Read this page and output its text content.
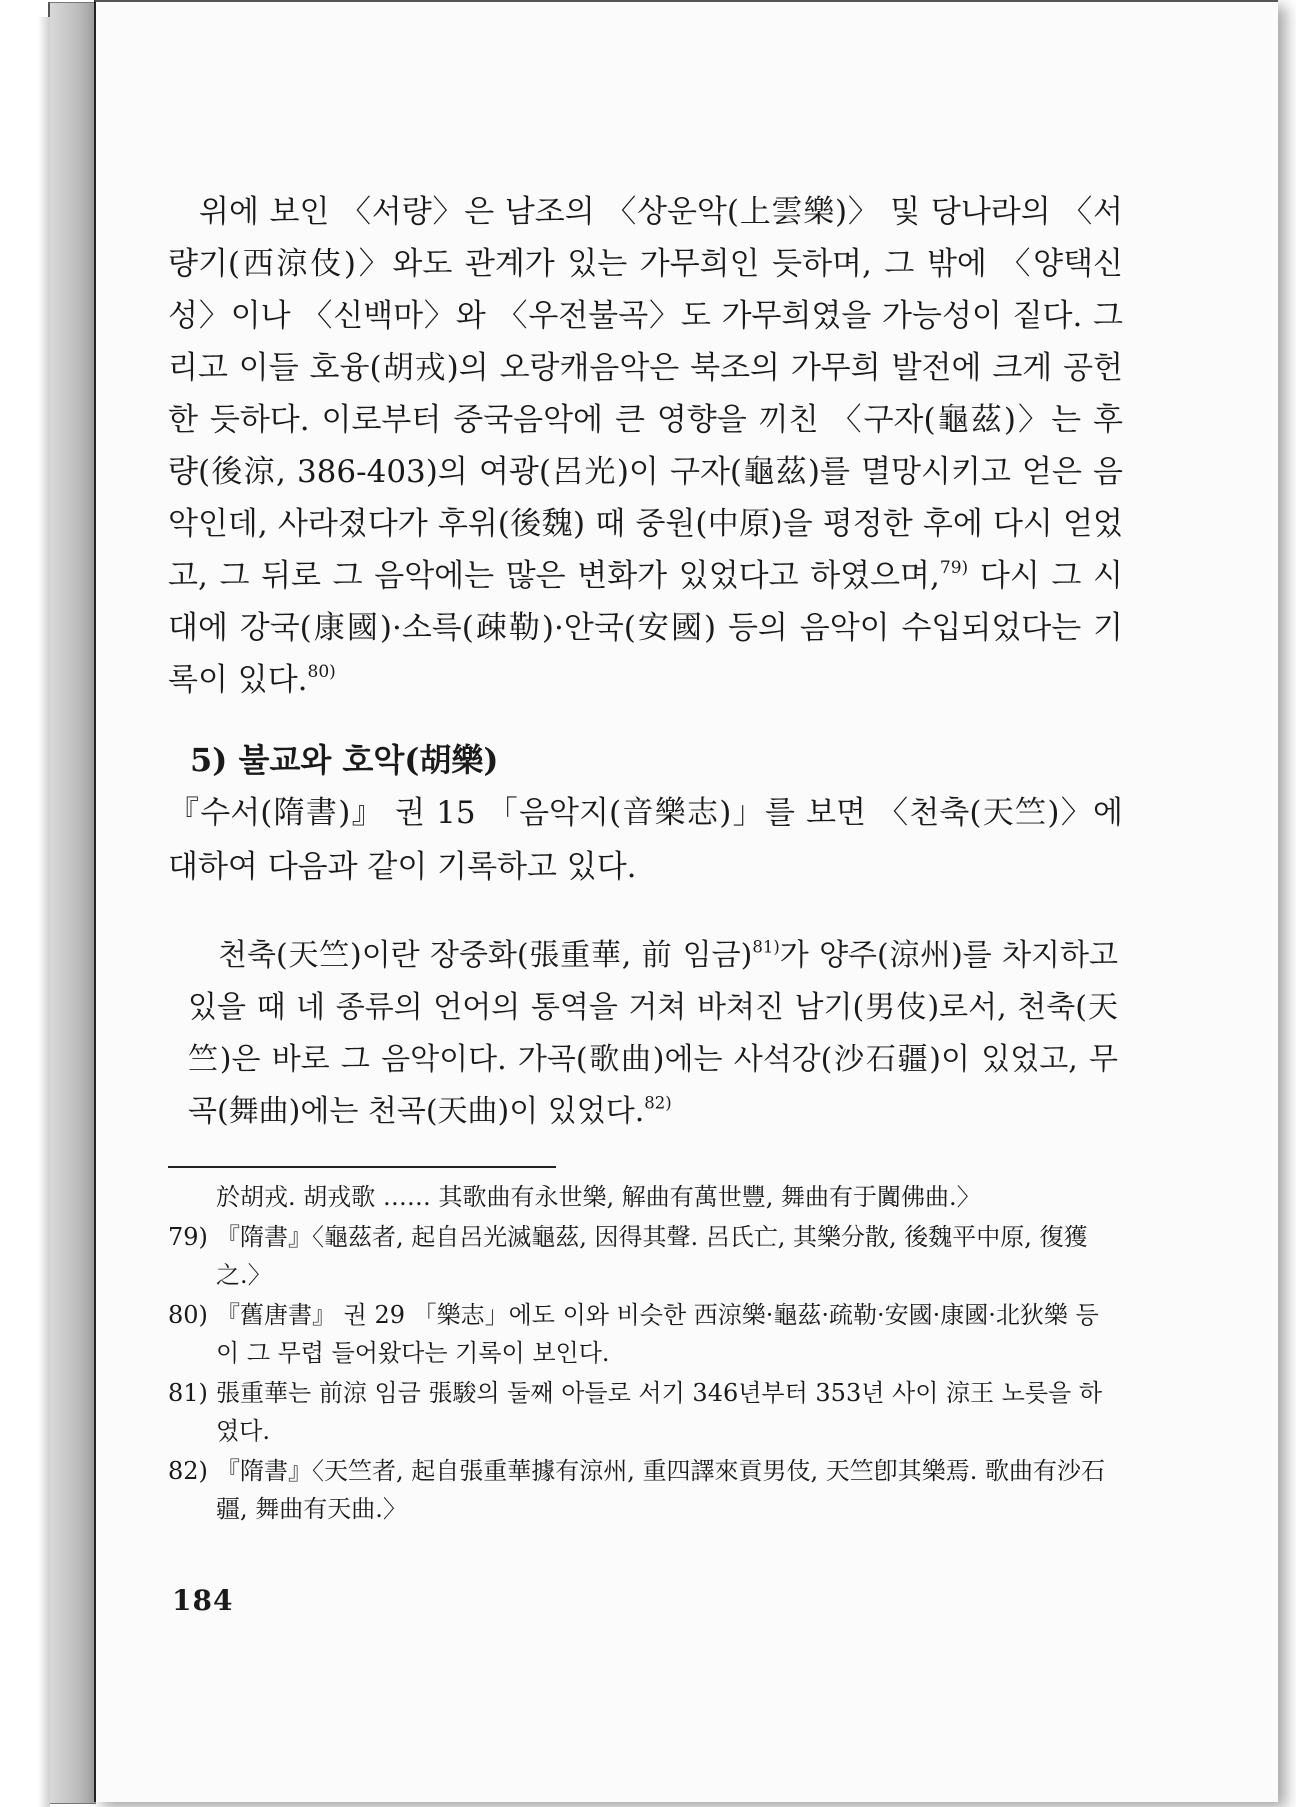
위에 보인 〈서량〉은 남조의 〈상운악(上雲樂)〉 및 당나라의 〈서량기(西涼伎)〉와도 관계가 있는 가무희인 듯하며, 그 밖에 〈양택신성〉이나 〈신백마〉와 〈우전불곡〉도 가무희였을 가능성이 짙다. 그리고 이들 호융(胡戎)의 오랑캐음악은 북조의 가무희 발전에 크게 공헌한 듯하다. 이로부터 중국음악에 큰 영향을 끼친 〈구자(龜茲)〉는 후량(後涼, 386-403)의 여광(呂光)이 구자(龜茲)를 멸망시키고 얻은 음악인데, 사라졌다가 후위(後魏) 때 중원(中原)을 평정한 후에 다시 얻었고, 그 뒤로 그 음악에는 많은 변화가 있었다고 하였으며,$^{79)}$ 다시 그 시대에 강국(康國)·소륵(疎勒)·안국(安國) 등의 음악이 수입되었다는 기록이 있다.$^{80)}$

5) 불교와 호악(胡樂)

『수서(隋書)』 권 15 「음악지(音樂志)」를 보면 〈천축(天竺)〉에 대하여 다음과 같이 기록하고 있다.

천축(天竺)이란 장중화(張重華, 前 임금)$^{81)}$가 양주(涼州)를 차지하고 있을 때 네 종류의 언어의 통역을 거쳐 바쳐진 남기(男伎)로서, 천축(天竺)은 바로 그 음악이다. 가곡(歌曲)에는 사석강(沙石疆)이 있었고, 무곡(舞曲)에는 천곡(天曲)이 있었다.$^{82)}$

於胡戎. 胡戎歌 …… 其歌曲有永世樂, 解曲有萬世豐, 舞曲有于闐佛曲.〉

79) 『隋書』〈龜茲者, 起自呂光滅龜茲, 因得其聲. 呂氏亡, 其樂分散, 後魏平中原, 復獲之.〉

80) 『舊唐書』 권 29 「樂志」에도 이와 비슷한 西涼樂·龜茲·疏勒·安國·康國·北狄樂 등이 그 무렵 들어왔다는 기록이 보인다.

81) 張重華는 前涼 임금 張駿의 둘째 아들로 서기 346년부터 353년 사이 涼王 노릇을 하였다.

82) 『隋書』〈天竺者, 起自張重華據有涼州, 重四譯來貢男伎, 天竺卽其樂焉. 歌曲有沙石疆, 舞曲有天曲.〉

184
